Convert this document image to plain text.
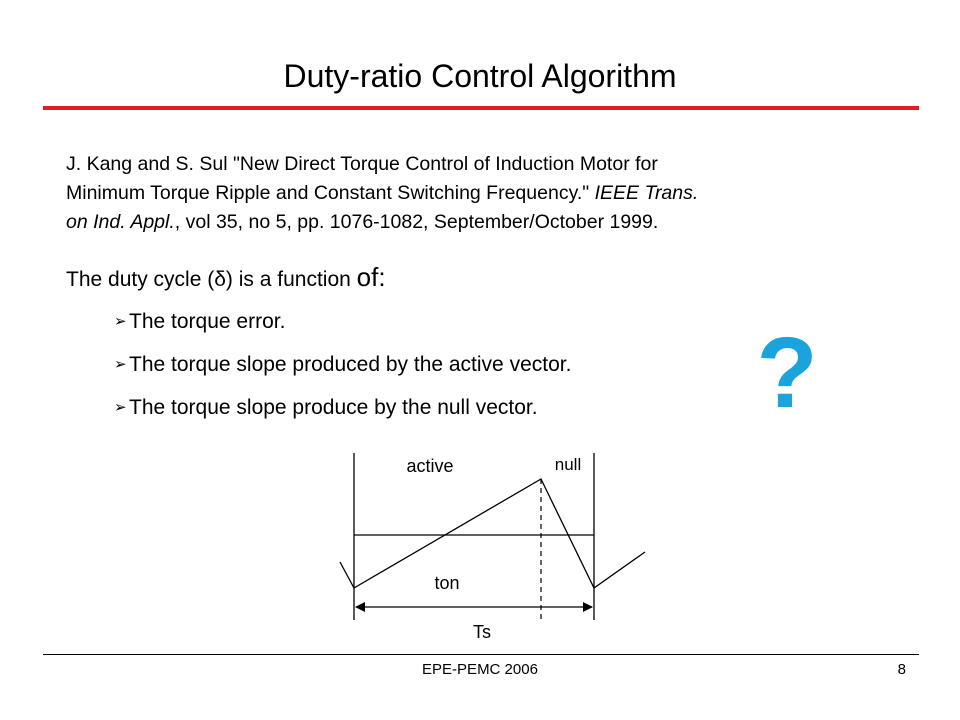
Duty-ratio Control Algorithm
J. Kang and S. Sul "New Direct Torque Control of Induction Motor for
Minimum Torque Ripple and Constant Switching Frequency." IEEE Trans.
on Ind. Appl., vol 35, no 5, pp. 1076-1082, September/October 1999.
The duty cycle (δ) is a function of:
➢ The torque error.
➢ The torque slope produced by the active vector.
➢ The torque slope produce by the null vector.	?
active	null
ton
Ts
EPE-PEMC 2006	8
